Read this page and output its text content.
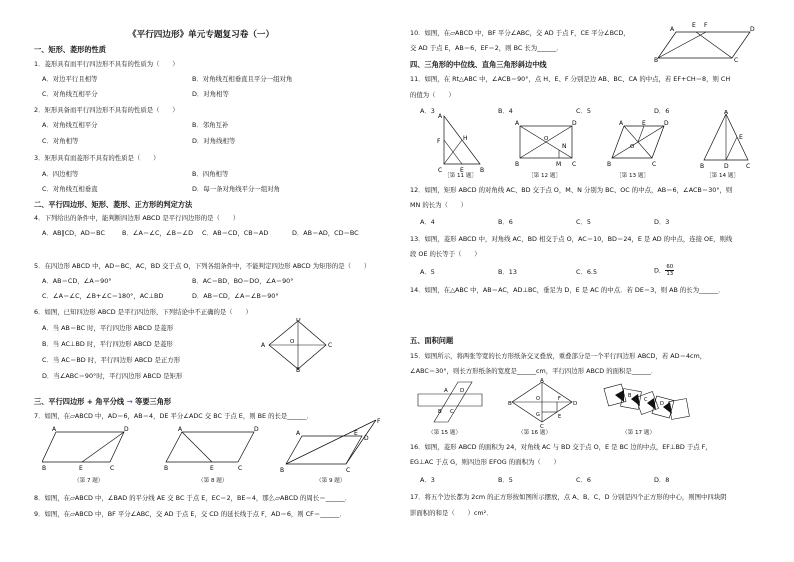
《平行四边形》单元专题复习卷（一）
一、矩形、菱形的性质
1．菱形具有而平行四边形不具有的性质为（　　）
A．对边平行且相等	B．对角线互相垂直且平分一组对角
C．对角线互相平分	D．对角相等
2．矩形具备而平行四边形不具有的性质是（　　）
A．对角线互相平分	B．邻角互补
C．对角相等	D．对角线相等
3．矩形具有而菱形不具有的性质是（　　）
A．四边相等	B．四角相等
C．对角线互相垂直	D．每一条对角线平分一组对角
二、平行四边形、矩形、菱形、正方形的判定方法
4．下列给出的条件中，能判断四边形 ABCD 是平行四边形的是（　　）
A．AB∥CD，AD＝BC	B．∠A＝∠C，∠B＝∠D C．AB＝CD，CB＝AD	D．AB＝AD，CD＝BC
5．在四边形 ABCD 中，AD＝BC，AC，BD 交于点 O，下列各组条件中，不能判定四边形 ABCD 为矩形的是（　　）
A．AB＝CD，∠A＝90°	B．AC＝BD，BO＝DO，∠A＝90°
C．∠A＝∠C，∠B+∠C＝180°，AC⊥BD	D．AB＝CD，∠A＝∠B＝90°
6．如图，已知四边形 ABCD 是平行四边形，下列结论中不正确的是（　　）
A．当 AB＝BC 时，平行四边形 ABCD 是菱形
B．当 AC⊥BD 时，平行四边形 ABCD 是菱形
C．当 AC＝BD 时，平行四边形 ABCD 是正方形
D．当∠ABC＝90°时，平行四边形 ABCD 是矩形
A
D
C
B
O
三、平行四边形 + 角平分线 → 等要三角形
7．如图，在▱ABCD 中，AD＝6，AB＝4，DE 平分∠ADC 交 BC 于点 E，则 BE 的长是______．
A	D
B	E	C
（第 7 题）
A	D
B	E	C
（第 8 题）
A	E
D
F
B	C
（第 9 题）
8．如图，在▱ABCD 中，∠BAD 的平分线 AE 交 BC 于点 E，EC＝2，BE＝4，那么▱ABCD 的周长＝______．
9．如图，在▱ABCD 中，BF 平分∠ABC，交 AD 于点 E，交 CD 的延长线于点 F，AD＝6，则 CF＝______．
10．如图，在▱ABCD 中，BF 平分∠ABC，交 AD 于点 F，CE 平分∠BCD，
交 AD 于点 E，AB＝6，EF＝2，则 BC 长为______．
A
E F
D
B	C
四、三角形的中位线、直角三角形斜边中线
11．如图，在 Rt△ABC 中，∠ACB＝90°，点 H、E、F 分别是边 AB、BC、CA 的中点，若 EF+CH＝8，则 CH
的值为（　　）
A．3	B．4	C．5	D．6
A
F	H
C	E	B
［第 11 题］
A	D
B	C
O
M
N
［第 12 题］
A	E	D
O
B	C
［第 13 题］
A
E
B	D	C
［第 14 题］
12．如图，矩形 ABCD 的对角线 AC、BD 交于点 O，M、N 分别为 BC、OC 的中点，AB＝6，∠ACB＝30°，则
MN 的长为（　　）
A．4	B．6	C．5	D．3
13．如图，菱形 ABCD 中，对角线 AC，BD 相交于点 O，AC＝10，BD＝24，E 是 AD 的中点，连接 OE，则线
段 OE 的长等于（　　）
A．5	B．13	C．6.5	D． $\frac{60}{13}$
14．如图，在△ABC 中，AB＝AC，AD⊥BC，垂足为 D，E 是 AC 的中点．若 DE＝3，则 AB 的长为______．
五、面积问题
15．如图所示，将两张等宽的长方形纸条交叉叠放，重叠部分是一个平行四边形 ABCD，若 AD＝4cm，
∠ABC＝30°，则长方形纸条的宽度是______cm，平行四边形 ABCD 的面积是______．
A D
B C
（第 15 题）
A
B	D
C
O	F
E
G
（第 16 题）
A
B
C
D
（第 17 题）
16．如图，菱形 ABCD 的面积为 24，对角线 AC 与 BD 交于点 O，E 是 BC 边的中点，EF⊥BD 于点 F，
EG⊥AC 于点 G，则四边形 EFOG 的面积为（　　）
A．3	B．5	C．6	D．8
17．将五个边长都为 2cm 的正方形按如图所示摆放，点 A、B、C、D 分别是四个正方形的中心，则图中四块阴
影面积的和是（　　）cm²．
